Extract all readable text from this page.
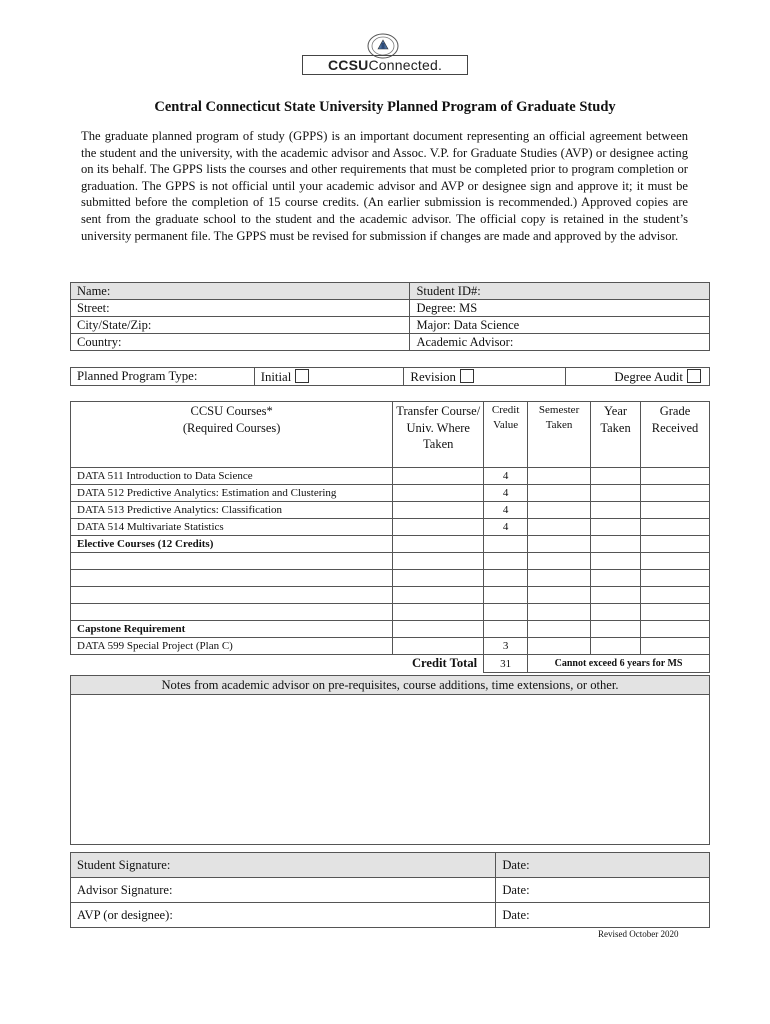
CCSUConnected.
Central Connecticut State University Planned Program of Graduate Study
The graduate planned program of study (GPPS) is an important document representing an official agreement between the student and the university, with the academic advisor and Assoc. V.P. for Graduate Studies (AVP) or designee acting on its behalf. The GPPS lists the courses and other requirements that must be completed prior to program completion or graduation. The GPPS is not official until your academic advisor and AVP or designee sign and approve it; it must be submitted before the completion of 15 course credits. (An earlier submission is recommended.) Approved copies are sent from the graduate school to the student and the academic advisor. The official copy is retained in the student’s university permanent file. The GPPS must be revised for submission if changes are made and approved by the advisor.
Name:	Student ID#:
Street:	Degree: MS
City/State/Zip:	Major: Data Science
Country:	Academic Advisor:
Planned Program Type:	Initial	Revision	Degree Audit
CCSU Courses*
(Required Courses)	Transfer Course/ Univ. Where Taken	Credit Value	Semester Taken	Year Taken	Grade Received
DATA 511 Introduction to Data Science		4			
DATA 512 Predictive Analytics: Estimation and Clustering		4			
DATA 513 Predictive Analytics: Classification		4			
DATA 514 Multivariate Statistics		4			
Elective Courses (12 Credits)					

Capstone Requirement					
DATA 599 Special Project (Plan C)		3			
Credit Total		31	Cannot exceed 6 years for MS		
Notes from academic advisor on pre-requisites, course additions, time extensions, or other.
Student Signature:	Date:
Advisor Signature:	Date:
AVP (or designee):	Date:
Revised October 2020
